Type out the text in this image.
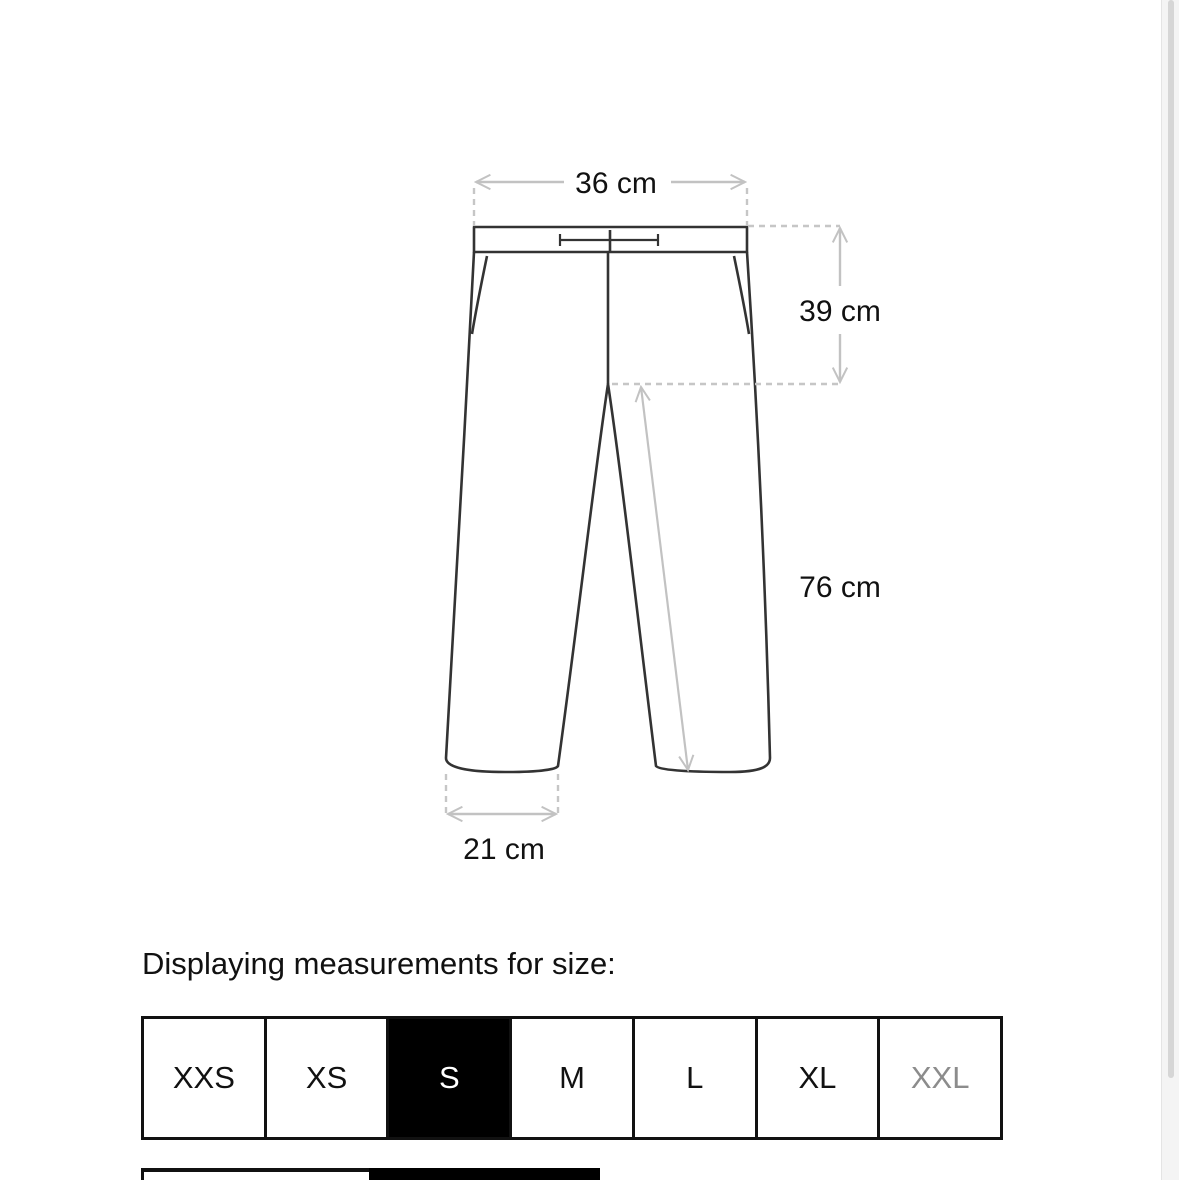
36 cm
39 cm
76 cm
21 cm
Displaying measurements for size:
XXS	XS	S	M	L	XL	XXL
